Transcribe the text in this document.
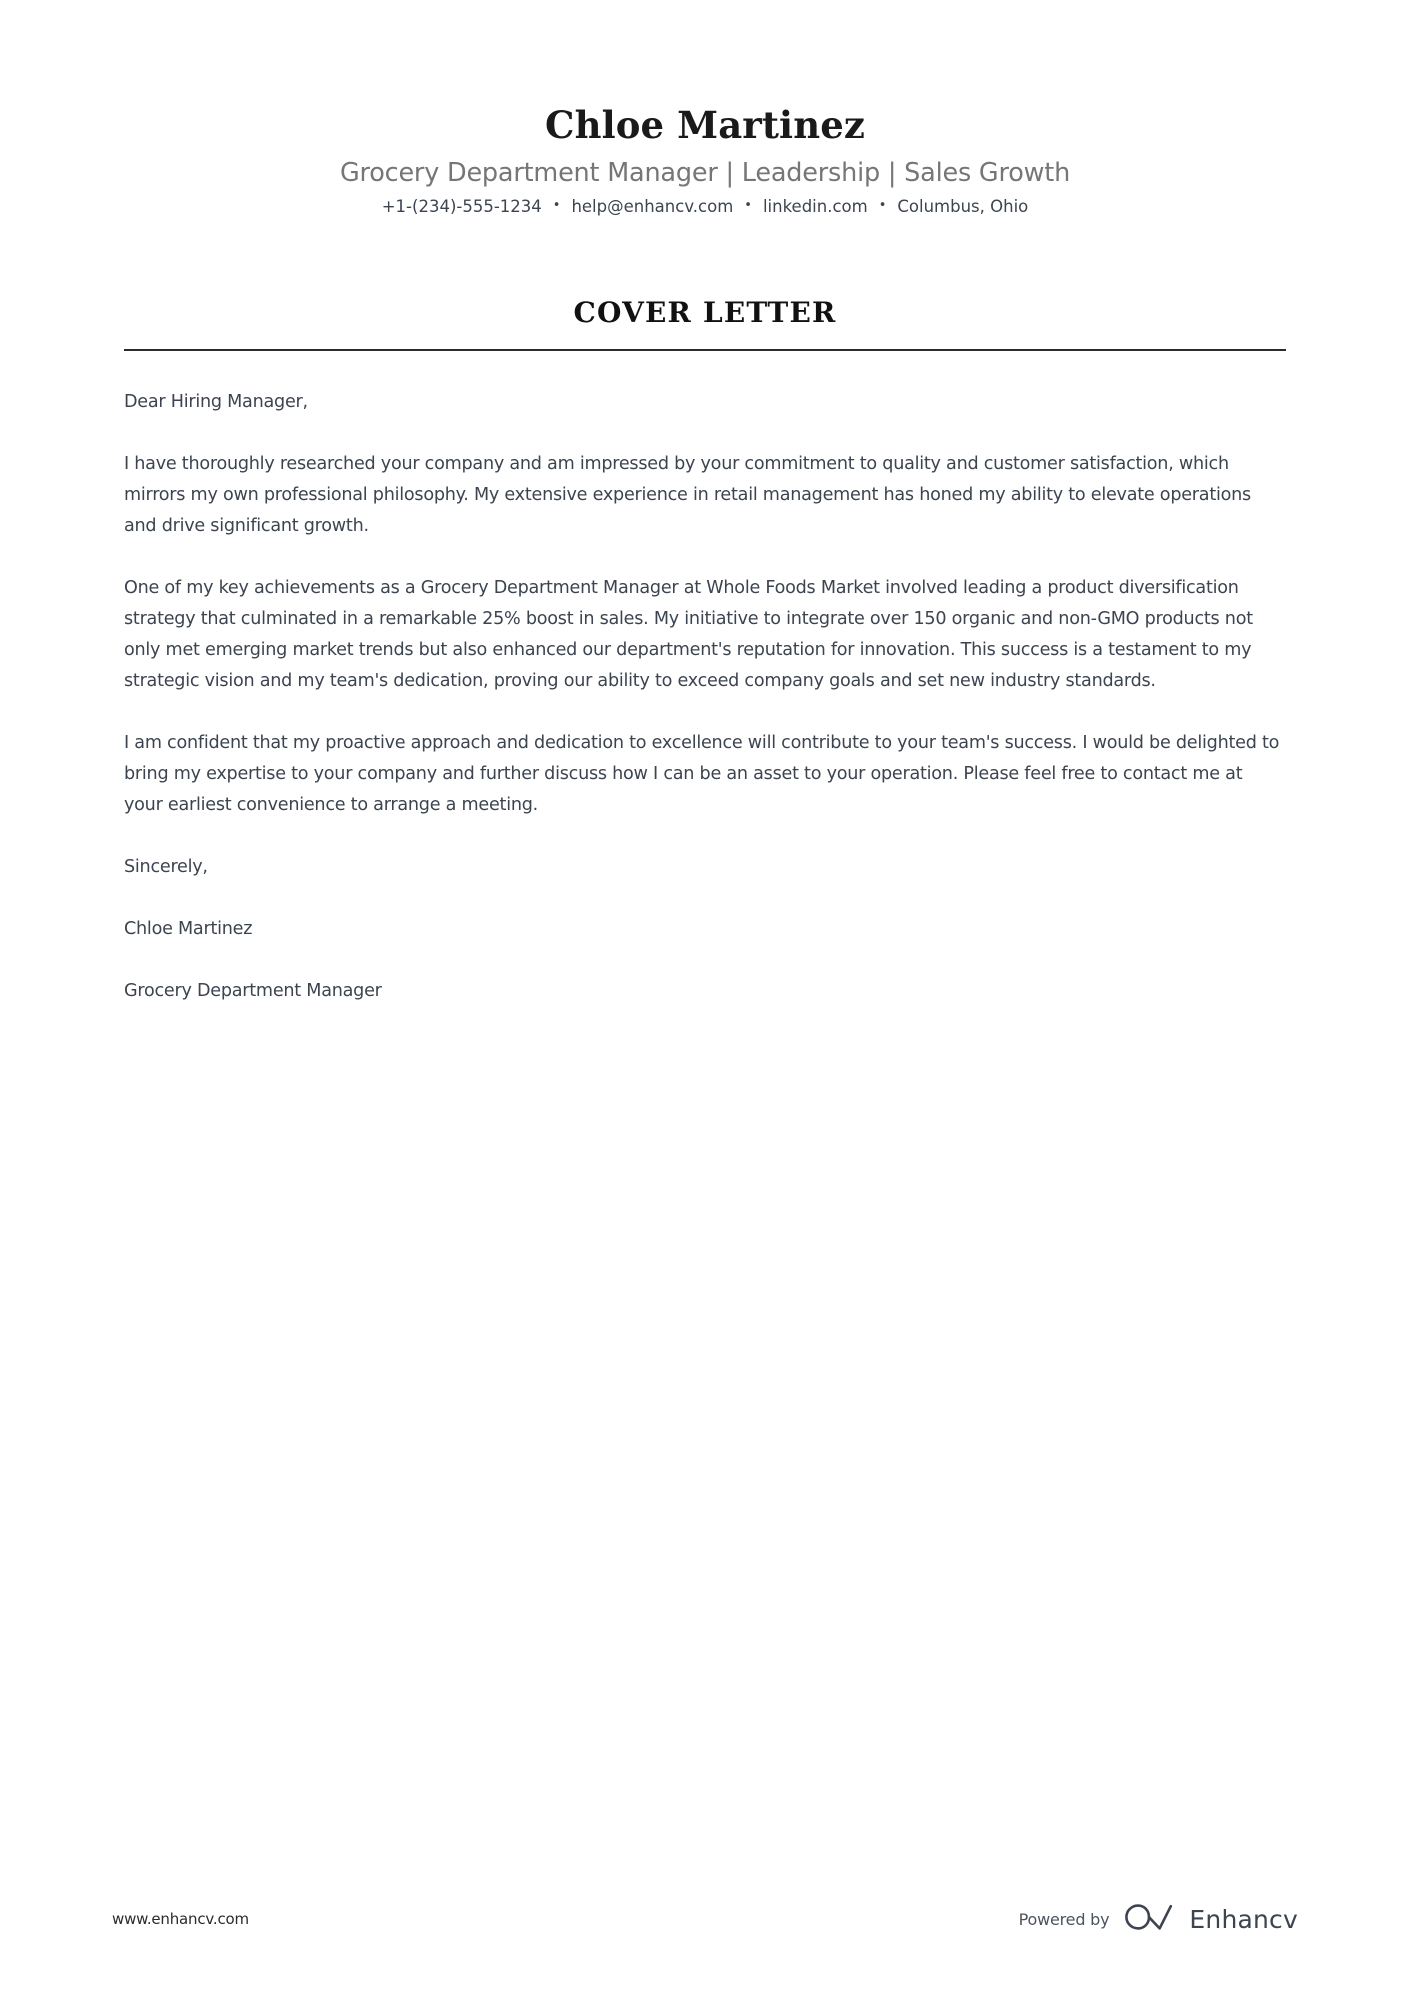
Chloe Martinez
Grocery Department Manager | Leadership | Sales Growth
+1-(234)-555-1234 • help@enhancv.com • linkedin.com • Columbus, Ohio
COVER LETTER

Dear Hiring Manager,

I have thoroughly researched your company and am impressed by your commitment to quality and customer satisfaction, which mirrors my own professional philosophy. My extensive experience in retail management has honed my ability to elevate operations and drive significant growth.

One of my key achievements as a Grocery Department Manager at Whole Foods Market involved leading a product diversification strategy that culminated in a remarkable 25% boost in sales. My initiative to integrate over 150 organic and non-GMO products not only met emerging market trends but also enhanced our department's reputation for innovation. This success is a testament to my strategic vision and my team's dedication, proving our ability to exceed company goals and set new industry standards.

I am confident that my proactive approach and dedication to excellence will contribute to your team's success. I would be delighted to bring my expertise to your company and further discuss how I can be an asset to your operation. Please feel free to contact me at your earliest convenience to arrange a meeting.

Sincerely,

Chloe Martinez

Grocery Department Manager

www.enhancv.com	Powered by	Enhancv
